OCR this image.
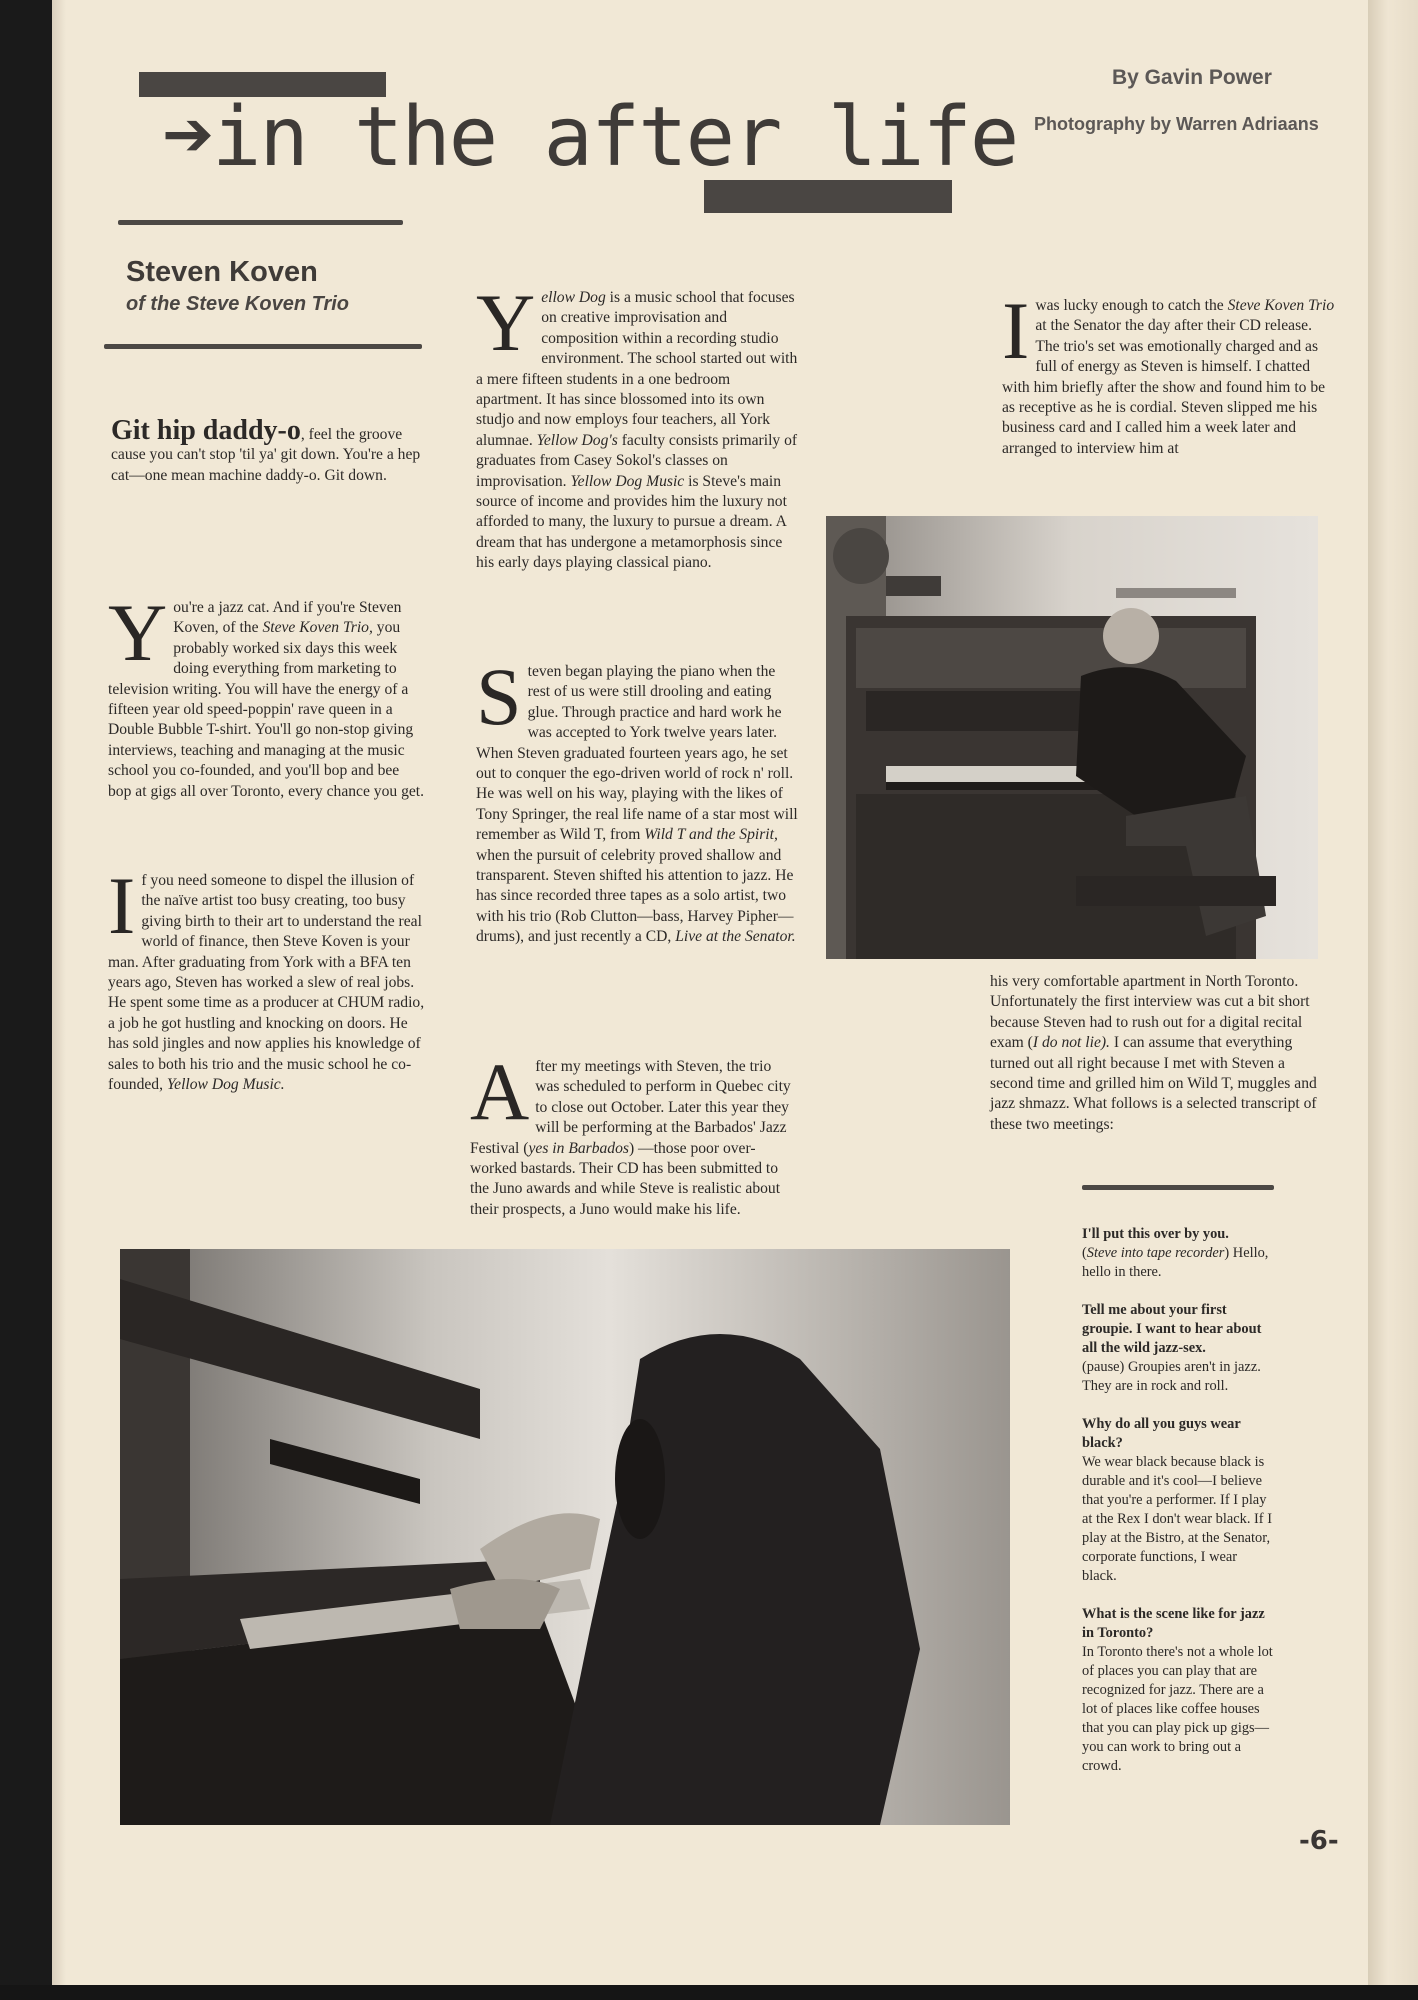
➔in the after life
By Gavin Power
Photography by Warren Adriaans
Steven Koven
of the Steve Koven Trio

Git hip daddy-o, feel the groove cause you can't stop 'til ya' git down. You're a hep cat—one mean machine daddy-o. Git down.

You're a jazz cat. And if you're Steven Koven, of the Steve Koven Trio, you probably worked six days this week doing everything from marketing to television writing. You will have the energy of a fifteen year old speed-poppin' rave queen in a Double Bubble T-shirt. You'll go non-stop giving interviews, teaching and managing at the music school you co-founded, and you'll bop and bee bop at gigs all over Toronto, every chance you get.

If you need someone to dispel the illusion of the naïve artist too busy creating, too busy giving birth to their art to understand the real world of finance, then Steve Koven is your man. After graduating from York with a BFA ten years ago, Steven has worked a slew of real jobs. He spent some time as a producer at CHUM radio, a job he got hustling and knocking on doors. He has sold jingles and now applies his knowledge of sales to both his trio and the music school he co-founded, Yellow Dog Music.

Yellow Dog is a music school that focuses on creative improvisation and composition within a recording studio environment. The school started out with a mere fifteen students in a one bedroom apartment. It has since blossomed into its own studjo and now employs four teachers, all York alumnae. Yellow Dog's faculty consists primarily of graduates from Casey Sokol's classes on improvisation. Yellow Dog Music is Steve's main source of income and provides him the luxury not afforded to many, the luxury to pursue a dream. A dream that has undergone a metamorphosis since his early days playing classical piano.

Steven began playing the piano when the rest of us were still drooling and eating glue. Through practice and hard work he was accepted to York twelve years later. When Steven graduated fourteen years ago, he set out to conquer the ego-driven world of rock n' roll. He was well on his way, playing with the likes of Tony Springer, the real life name of a star most will remember as Wild T, from Wild T and the Spirit, when the pursuit of celebrity proved shallow and transparent. Steven shifted his attention to jazz. He has since recorded three tapes as a solo artist, two with his trio (Rob Clutton—bass, Harvey Pipher—drums), and just recently a CD, Live at the Senator.

After my meetings with Steven, the trio was scheduled to perform in Quebec city to close out October. Later this year they will be performing at the Barbados' Jazz Festival (yes in Barbados) —those poor over-worked bastards. Their CD has been submitted to the Juno awards and while Steve is realistic about their prospects, a Juno would make his life.

I was lucky enough to catch the Steve Koven Trio at the Senator the day after their CD release. The trio's set was emotionally charged and as full of energy as Steven is himself. I chatted with him briefly after the show and found him to be as receptive as he is cordial. Steven slipped me his business card and I called him a week later and arranged to interview him at

his very comfortable apartment in North Toronto. Unfortunately the first interview was cut a bit short because Steven had to rush out for a digital recital exam (I do not lie). I can assume that everything turned out all right because I met with Steven a second time and grilled him on Wild T, muggles and jazz shmazz. What follows is a selected transcript of these two meetings:

I'll put this over by you.
(Steve into tape recorder) Hello, hello in there.

Tell me about your first groupie. I want to hear about all the wild jazz-sex.
(pause) Groupies aren't in jazz. They are in rock and roll.

Why do all you guys wear black?
We wear black because black is durable and it's cool—I believe that you're a performer. If I play at the Rex I don't wear black. If I play at the Bistro, at the Senator, corporate functions, I wear black.

What is the scene like for jazz in Toronto?
In Toronto there's not a whole lot of places you can play that are recognized for jazz. There are a lot of places like coffee houses that you can play pick up gigs—you can work to bring out a crowd.

-6-
